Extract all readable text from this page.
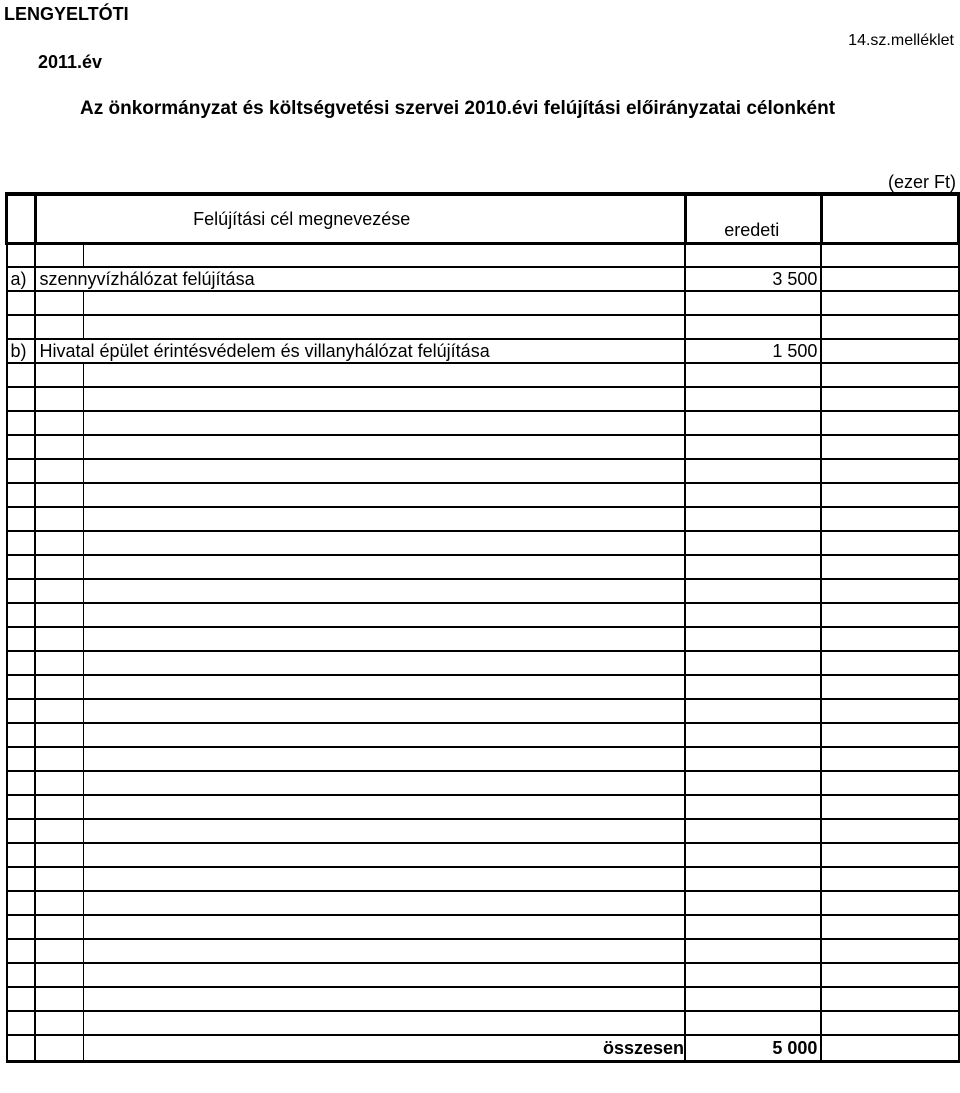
LENGYELTÓTI
2011.év
14.sz.melléklet
Az önkormányzat és költségvetési szervei 2010.évi felújítási előirányzatai célonként
(ezer Ft)
	Felújítási cél megnevezése		eredeti	

a)	szennyvízhálózat felújítása		3 500	

b)	Hivatal épület érintésvédelem és villanyhálózat felújítása		1 500	

		összesen	5 000	
